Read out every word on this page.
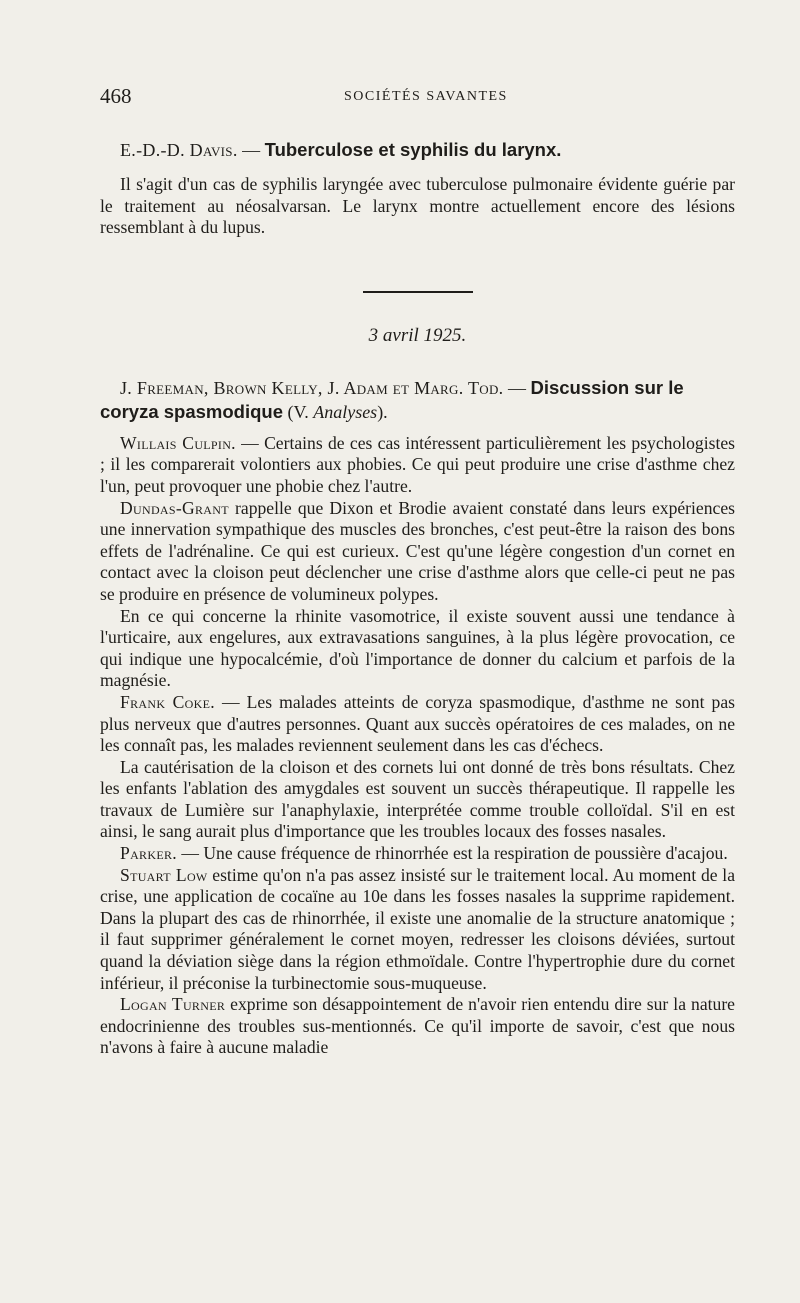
468	SOCIÉTÉS SAVANTES
E.-D.-D. Davis. — Tuberculose et syphilis du larynx.

Il s'agit d'un cas de syphilis laryngée avec tuberculose pulmonaire évidente guérie par le traitement au néosalvarsan. Le larynx montre actuellement encore des lésions ressemblant à du lupus.

3 avril 1925.
J. Freeman, Brown Kelly, J. Adam et Marg. Tod. — Discussion sur le coryza spasmodique (V. Analyses).

Willais Culpin. — Certains de ces cas intéressent particulièrement les psychologistes ; il les comparerait volontiers aux phobies. Ce qui peut produire une crise d'asthme chez l'un, peut provoquer une phobie chez l'autre.

Dundas-Grant rappelle que Dixon et Brodie avaient constaté dans leurs expériences une innervation sympathique des muscles des bronches, c'est peut-être la raison des bons effets de l'adrénaline. Ce qui est curieux. C'est qu'une légère congestion d'un cornet en contact avec la cloison peut déclencher une crise d'asthme alors que celle-ci peut ne pas se produire en présence de volumineux polypes.

En ce qui concerne la rhinite vasomotrice, il existe souvent aussi une tendance à l'urticaire, aux engelures, aux extravasations sanguines, à la plus légère provocation, ce qui indique une hypocalcémie, d'où l'importance de donner du calcium et parfois de la magnésie.

Frank Coke. — Les malades atteints de coryza spasmodique, d'asthme ne sont pas plus nerveux que d'autres personnes. Quant aux succès opératoires de ces malades, on ne les connaît pas, les malades reviennent seulement dans les cas d'échecs.

La cautérisation de la cloison et des cornets lui ont donné de très bons résultats. Chez les enfants l'ablation des amygdales est souvent un succès thérapeutique. Il rappelle les travaux de Lumière sur l'anaphylaxie, interprétée comme trouble colloïdal. S'il en est ainsi, le sang aurait plus d'importance que les troubles locaux des fosses nasales.

Parker. — Une cause fréquence de rhinorrhée est la respiration de poussière d'acajou.

Stuart Low estime qu'on n'a pas assez insisté sur le traitement local. Au moment de la crise, une application de cocaïne au 10e dans les fosses nasales la supprime rapidement. Dans la plupart des cas de rhinorrhée, il existe une anomalie de la structure anatomique ; il faut supprimer généralement le cornet moyen, redresser les cloisons déviées, surtout quand la déviation siège dans la région ethmoïdale. Contre l'hypertrophie dure du cornet inférieur, il préconise la turbinectomie sous-muqueuse.

Logan Turner exprime son désappointement de n'avoir rien entendu dire sur la nature endocrinienne des troubles sus-mentionnés. Ce qu'il importe de savoir, c'est que nous n'avons à faire à aucune maladie
